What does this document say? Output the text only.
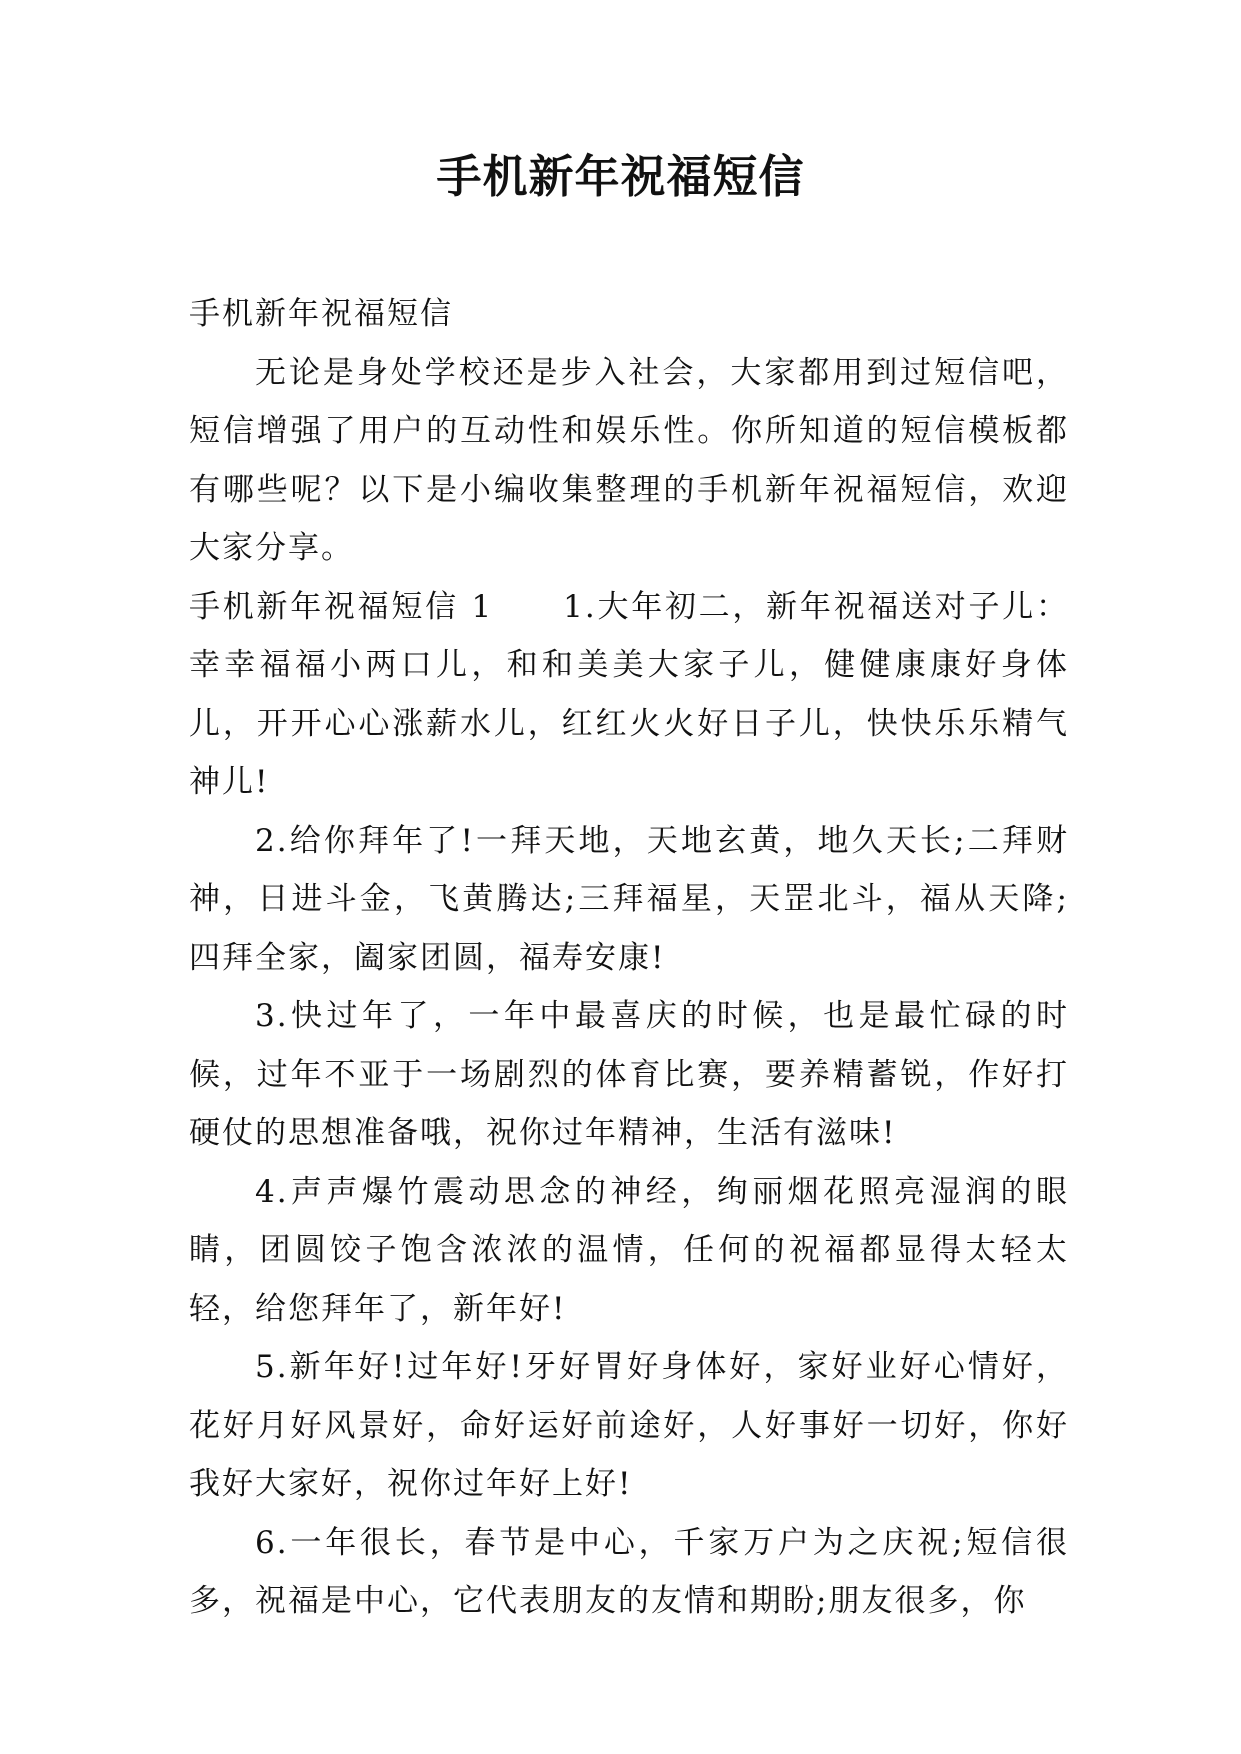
手机新年祝福短信

手机新年祝福短信

无论是身处学校还是步入社会，大家都用到过短信吧，短信增强了用户的互动性和娱乐性。你所知道的短信模板都有哪些呢？以下是小编收集整理的手机新年祝福短信，欢迎大家分享。

手机新年祝福短信 1 1.大年初二，新年祝福送对子儿：幸幸福福小两口儿，和和美美大家子儿，健健康康好身体儿，开开心心涨薪水儿，红红火火好日子儿，快快乐乐精气神儿!

2.给你拜年了!一拜天地，天地玄黄，地久天长;二拜财神，日进斗金，飞黄腾达;三拜福星，天罡北斗，福从天降;四拜全家，阖家团圆，福寿安康!

3.快过年了，一年中最喜庆的时候，也是最忙碌的时候，过年不亚于一场剧烈的体育比赛，要养精蓄锐，作好打硬仗的思想准备哦，祝你过年精神，生活有滋味!

4.声声爆竹震动思念的神经，绚丽烟花照亮湿润的眼睛，团圆饺子饱含浓浓的温情，任何的祝福都显得太轻太轻，给您拜年了，新年好!

5.新年好!过年好!牙好胃好身体好，家好业好心情好，花好月好风景好，命好运好前途好，人好事好一切好，你好我好大家好，祝你过年好上好!

6.一年很长，春节是中心，千家万户为之庆祝;短信很多，祝福是中心，它代表朋友的友情和期盼;朋友很多，你
